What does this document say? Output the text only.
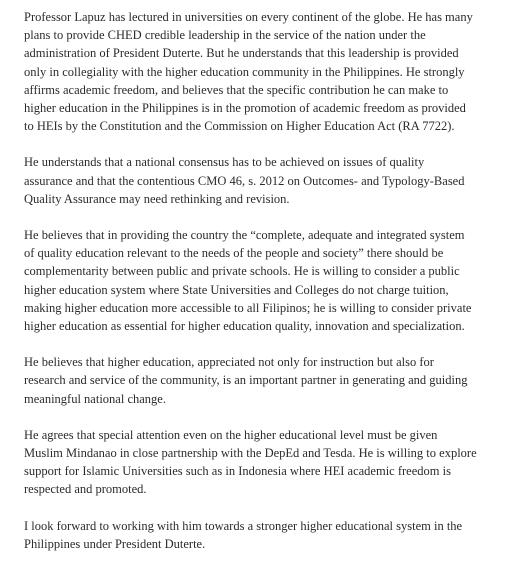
Professor Lapuz has lectured in universities on every continent of the globe. He has many
plans to provide CHED credible leadership in the service of the nation under the
administration of President Duterte. But he understands that this leadership is provided
only in collegiality with the higher education community in the Philippines. He strongly
affirms academic freedom, and believes that the specific contribution he can make to
higher education in the Philippines is in the promotion of academic freedom as provided
to HEIs by the Constitution and the Commission on Higher Education Act (RA 7722).

He understands that a national consensus has to be achieved on issues of quality
assurance and that the contentious CMO 46, s. 2012 on Outcomes- and Typology-Based
Quality Assurance may need rethinking and revision.

He believes that in providing the country the “complete, adequate and integrated system
of quality education relevant to the needs of the people and society” there should be
complementarity between public and private schools. He is willing to consider a public
higher education system where State Universities and Colleges do not charge tuition,
making higher education more accessible to all Filipinos; he is willing to consider private
higher education as essential for higher education quality, innovation and specialization.

He believes that higher education, appreciated not only for instruction but also for
research and service of the community, is an important partner in generating and guiding
meaningful national change.

He agrees that special attention even on the higher educational level must be given
Muslim Mindanao in close partnership with the DepEd and Tesda. He is willing to explore
support for Islamic Universities such as in Indonesia where HEI academic freedom is
respected and promoted.

I look forward to working with him towards a stronger higher educational system in the
Philippines under President Duterte.
